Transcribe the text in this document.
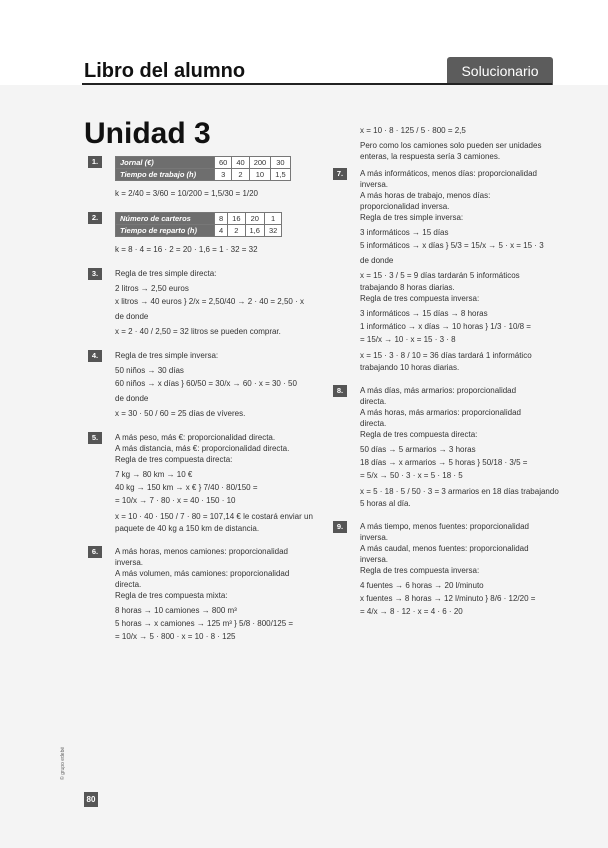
Libro del alumno	Solucionario
Unidad 3
1.	Jornal (€)	60	40	200	30
Tiempo de trabajo (h)	3	2	10	1,5
k = 2/40 = 3/60 = 10/200 = 1,5/30 = 1/20
2.	Número de carteros	8	16	20	1
Tiempo de reparto (h)	4	2	1,6	32
k = 8 · 4 = 16 · 2 = 20 · 1,6 = 1 · 32 = 32
3.	Regla de tres simple directa:
2 litros → 2,50 euros
x litros → 40 euros } 2/x = 2,50/40 → 2 · 40 = 2,50 · x
de donde
x = 2 · 40 / 2,50 = 32 litros se pueden comprar.
4.	Regla de tres simple inversa:
50 niños → 30 días
60 niños → x días } 60/50 = 30/x → 60 · x = 30 · 50
de donde
x = 30 · 50 / 60 = 25 días de víveres.
5.	A más peso, más €: proporcionalidad directa.
A más distancia, más €: proporcionalidad directa.
Regla de tres compuesta directa:
7 kg → 80 km → 10 €
40 kg → 150 km → x € } 7/40 · 80/150 =
= 10/x → 7 · 80 · x = 40 · 150 · 10
x = 10 · 40 · 150 / 7 · 80 = 107,14 € le costará enviar un
paquete de 40 kg a 150 km de distancia.
6.	A más horas, menos camiones: proporcionalidad
inversa.
A más volumen, más camiones: proporcionalidad
directa.
Regla de tres compuesta mixta:
8 horas → 10 camiones → 800 m³
5 horas → x camiones → 125 m³ } 5/8 · 800/125 =
= 10/x → 5 · 800 · x = 10 · 8 · 125
x = 10 · 8 · 125 / 5 · 800 = 2,5
Pero como los camiones solo pueden ser unidades
enteras, la respuesta sería 3 camiones.
7.	A más informáticos, menos días: proporcionalidad
inversa.
A más horas de trabajo, menos días:
proporcionalidad inversa.
Regla de tres simple inversa:
3 informáticos → 15 días
5 informáticos → x días } 5/3 = 15/x → 5 · x = 15 · 3
de donde
x = 15 · 3 / 5 = 9 días tardarán 5 informáticos
trabajando 8 horas diarias.
Regla de tres compuesta inversa:
3 informáticos → 15 días → 8 horas
1 informático → x días → 10 horas } 1/3 · 10/8 =
= 15/x → 10 · x = 15 · 3 · 8
x = 15 · 3 · 8 / 10 = 36 días tardará 1 informático
trabajando 10 horas diarias.
8.	A más días, más armarios: proporcionalidad
directa.
A más horas, más armarios: proporcionalidad
directa.
Regla de tres compuesta directa:
50 días → 5 armarios → 3 horas
18 días → x armarios → 5 horas } 50/18 · 3/5 =
= 5/x → 50 · 3 · x = 5 · 18 · 5
x = 5 · 18 · 5 / 50 · 3 = 3 armarios en 18 días trabajando
5 horas al día.
9.	A más tiempo, menos fuentes: proporcionalidad
inversa.
A más caudal, menos fuentes: proporcionalidad
inversa.
Regla de tres compuesta inversa:
4 fuentes → 6 horas → 20 l/minuto
x fuentes → 8 horas → 12 l/minuto } 8/6 · 12/20 =
= 4/x → 8 · 12 · x = 4 · 6 · 20
© grupo edebé
80
